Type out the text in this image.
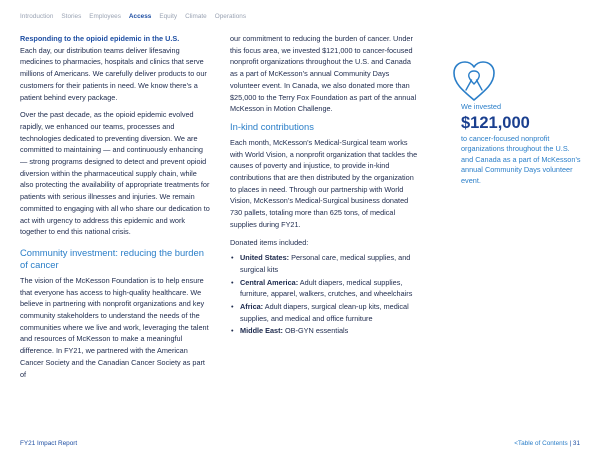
Introduction Stories Employees Access Equity Climate Operations
Responding to the opioid epidemic in the U.S.

Each day, our distribution teams deliver lifesaving medicines to pharmacies, hospitals and clinics that serve millions of Americans. We carefully deliver products to our customers for their patients in need. We know there’s a patient behind every package.

Over the past decade, as the opioid epidemic evolved rapidly, we enhanced our teams, processes and technologies dedicated to preventing diversion. We are committed to maintaining — and continuously enhancing — strong programs designed to detect and prevent opioid diversion within the pharmaceutical supply chain, while also protecting the availability of appropriate treatments for patients with serious illnesses and injuries. We remain committed to engaging with all who share our dedication to act with urgency to address this epidemic and work together to end this national crisis.

Community investment: reducing the burden of cancer

The vision of the McKesson Foundation is to help ensure that everyone has access to high-quality healthcare. We believe in partnering with nonprofit organizations and key community stakeholders to understand the needs of the communities where we live and work, leveraging the talent and resources of McKesson to make a meaningful difference. In FY21, we partnered with the American Cancer Society and the Canadian Cancer Society as part of

our commitment to reducing the burden of cancer. Under this focus area, we invested $121,000 to cancer-focused nonprofit organizations throughout the U.S. and Canada as a part of McKesson’s annual Community Days volunteer event. In Canada, we also donated more than $25,000 to the Terry Fox Foundation as part of the annual McKesson in Motion Challenge.

In-kind contributions

Each month, McKesson’s Medical-Surgical team works with World Vision, a nonprofit organization that tackles the causes of poverty and injustice, to provide in-kind contributions that are then distributed by the organization to places in need. Through our partnership with World Vision, McKesson’s Medical-Surgical business donated 730 pallets, totaling more than 625 tons, of medical supplies during FY21.

Donated items included:

• United States: Personal care, medical supplies, and surgical kits
• Central America: Adult diapers, medical supplies, furniture, apparel, walkers, crutches, and wheelchairs
• Africa: Adult diapers, surgical clean-up kits, medical supplies, and medical and office furniture
• Middle East: OB-GYN essentials
We invested
$121,000
to cancer-focused nonprofit organizations throughout the U.S. and Canada as a part of McKesson’s annual Community Days volunteer event.
FY21 Impact Report	<Table of Contents | 31
